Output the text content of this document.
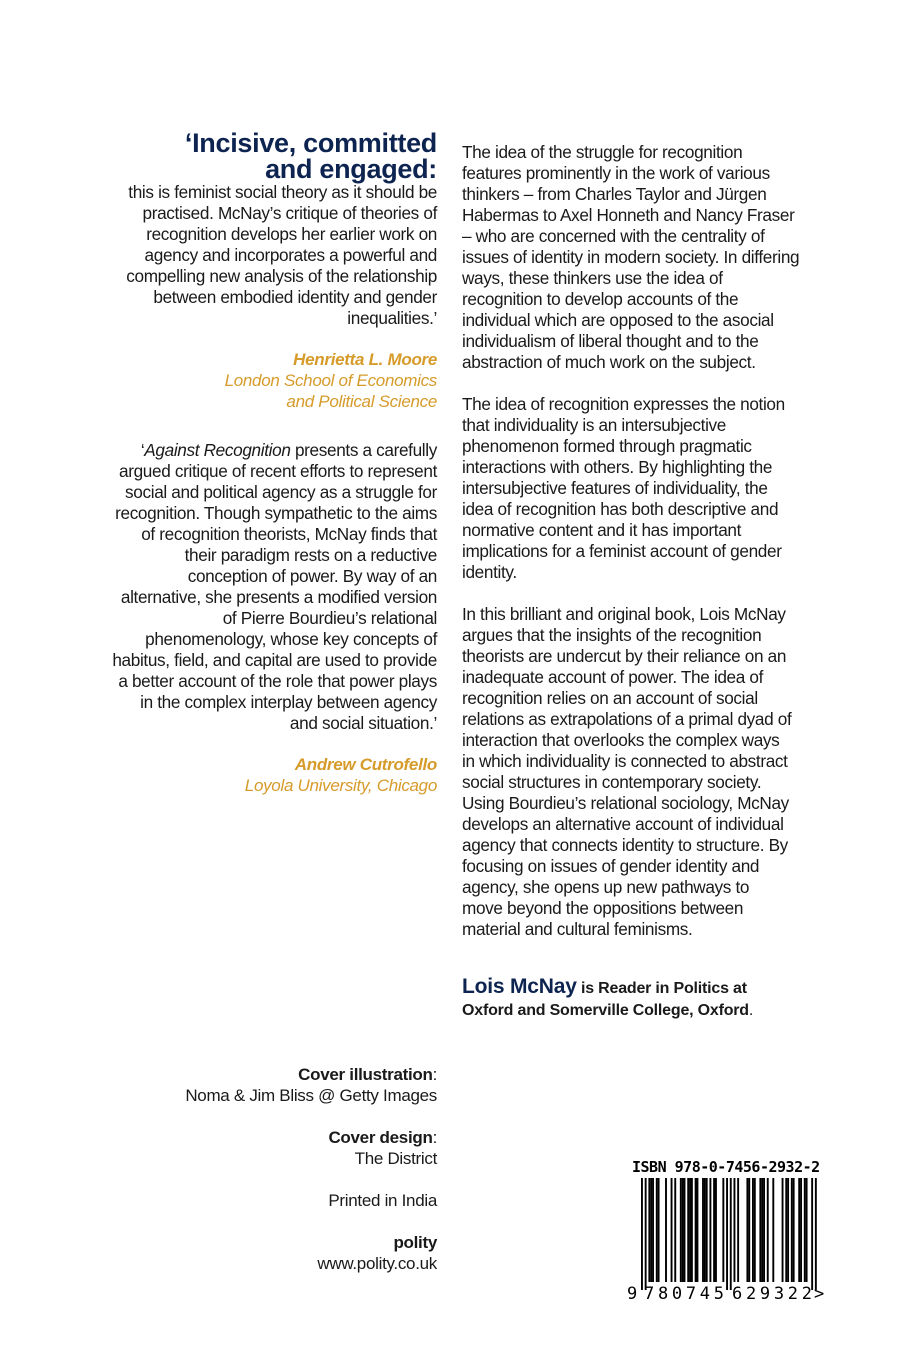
‘Incisive, committed
and engaged:
this is feminist social theory as it should be
practised. McNay’s critique of theories of
recognition develops her earlier work on
agency and incorporates a powerful and
compelling new analysis of the relationship
between embodied identity and gender
inequalities.’
Henrietta L. Moore
London School of Economics
and Political Science
‘Against Recognition presents a carefully
argued critique of recent efforts to represent
social and political agency as a struggle for
recognition. Though sympathetic to the aims
of recognition theorists, McNay finds that
their paradigm rests on a reductive
conception of power. By way of an
alternative, she presents a modified version
of Pierre Bourdieu’s relational
phenomenology, whose key concepts of
habitus, field, and capital are used to provide
a better account of the role that power plays
in the complex interplay between agency
and social situation.’
Andrew Cutrofello
Loyola University, Chicago
The idea of the struggle for recognition
features prominently in the work of various
thinkers – from Charles Taylor and Jürgen
Habermas to Axel Honneth and Nancy Fraser
– who are concerned with the centrality of
issues of identity in modern society. In differing
ways, these thinkers use the idea of
recognition to develop accounts of the
individual which are opposed to the asocial
individualism of liberal thought and to the
abstraction of much work on the subject.
The idea of recognition expresses the notion
that individuality is an intersubjective
phenomenon formed through pragmatic
interactions with others. By highlighting the
intersubjective features of individuality, the
idea of recognition has both descriptive and
normative content and it has important
implications for a feminist account of gender
identity.
In this brilliant and original book, Lois McNay
argues that the insights of the recognition
theorists are undercut by their reliance on an
inadequate account of power. The idea of
recognition relies on an account of social
relations as extrapolations of a primal dyad of
interaction that overlooks the complex ways
in which individuality is connected to abstract
social structures in contemporary society.
Using Bourdieu’s relational sociology, McNay
develops an alternative account of individual
agency that connects identity to structure. By
focusing on issues of gender identity and
agency, she opens up new pathways to
move beyond the oppositions between
material and cultural feminisms.
Lois McNay is Reader in Politics at
Oxford and Somerville College, Oxford.
Cover illustration:
Noma & Jim Bliss @ Getty Images
Cover design:
The District
Printed in India
polity
www.polity.co.uk
ISBN 978-0-7456-2932-2
9 780745 629322 >
